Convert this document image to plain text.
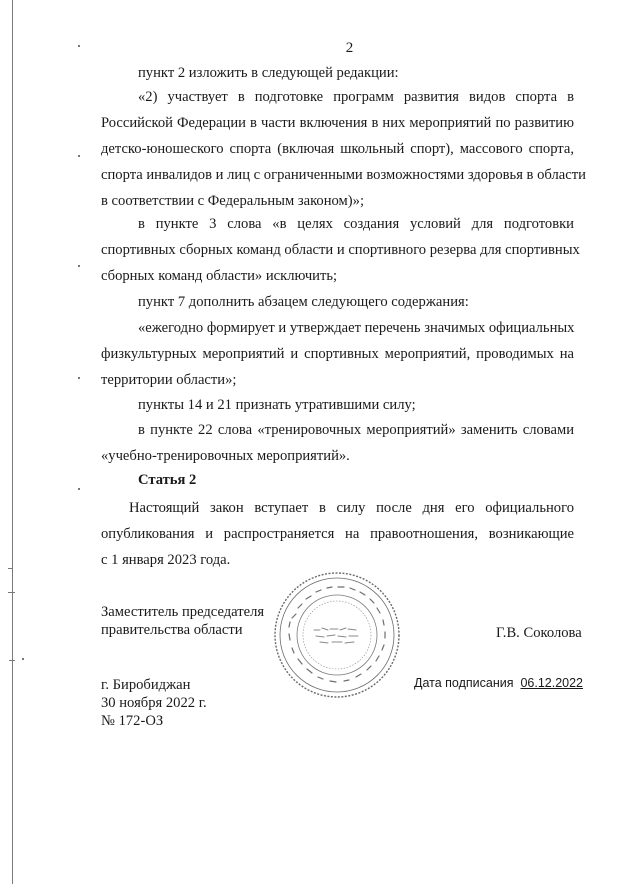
2

пункт 2 изложить в следующей редакции:

«2) участвует в подготовке программ развития видов спорта в
Российской Федерации в части включения в них мероприятий по развитию
детско-юношеского спорта (включая школьный спорт), массового спорта,
спорта инвалидов и лиц с ограниченными возможностями здоровья в области
в соответствии с Федеральным законом)»;

в пункте 3 слова «в целях создания условий для подготовки
спортивных сборных команд области и спортивного резерва для спортивных
сборных команд области» исключить;

пункт 7 дополнить абзацем следующего содержания:

«ежегодно формирует и утверждает перечень значимых официальных
физкультурных мероприятий и спортивных мероприятий, проводимых на
территории области»;

пункты 14 и 21 признать утратившими силу;

в пункте 22 слова «тренировочных мероприятий» заменить словами
«учебно-тренировочных мероприятий».

Статья 2

Настоящий закон вступает в силу после дня его официального
опубликования и распространяется на правоотношения, возникающие
с 1 января 2023 года.

Заместитель председателя
правительства области	Г.В. Соколова
г. Биробиджан
30 ноября 2022 г.
№ 172-ОЗ
Дата подписания 06.12.2022
